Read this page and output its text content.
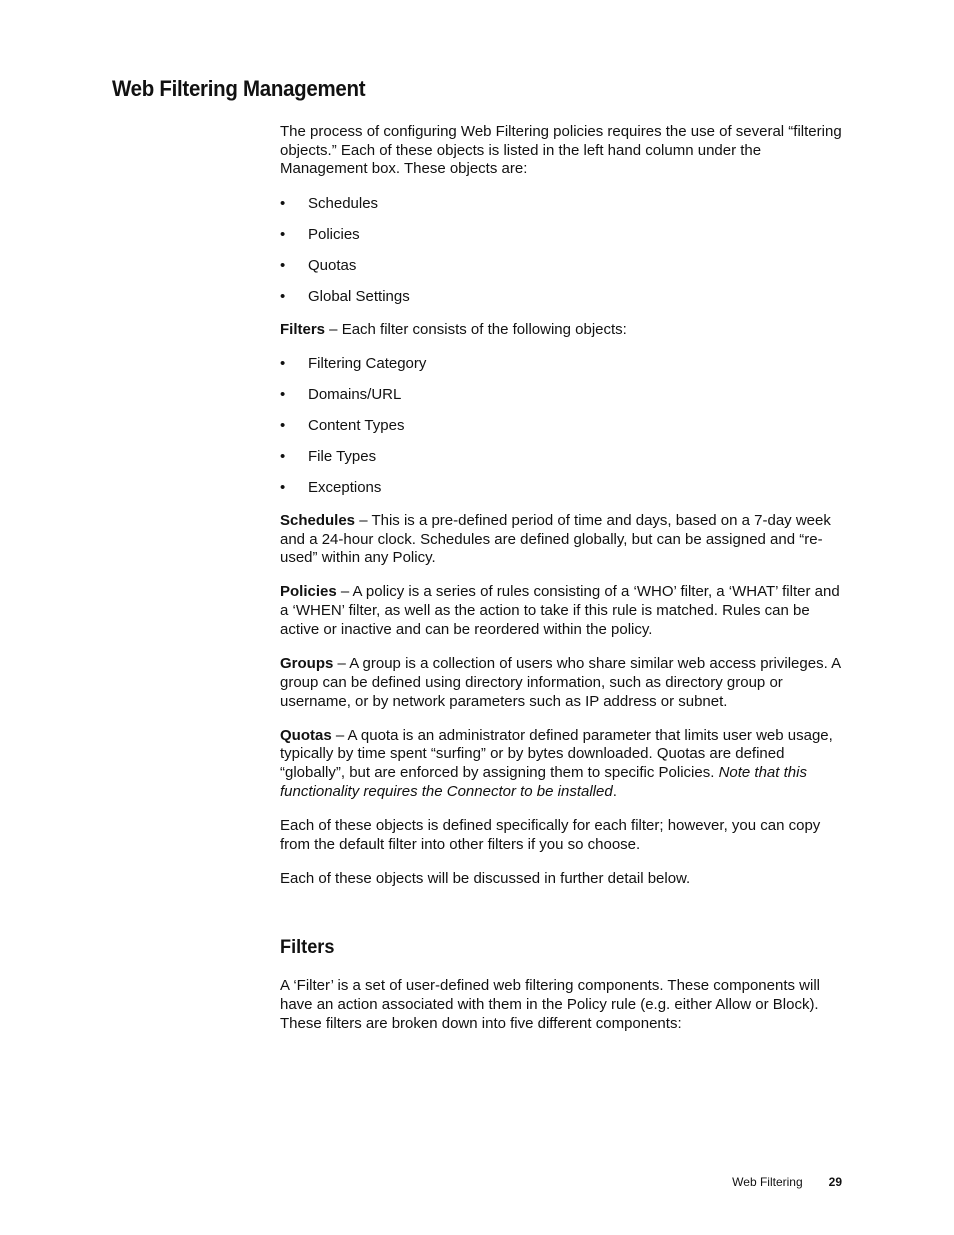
Web Filtering Management

The process of configuring Web Filtering policies requires the use of several “filtering objects.” Each of these objects is listed in the left hand column under the Management box. These objects are:

• Schedules
• Policies
• Quotas
• Global Settings

Filters – Each filter consists of the following objects:

• Filtering Category
• Domains/URL
• Content Types
• File Types
• Exceptions

Schedules – This is a pre-defined period of time and days, based on a 7-day week and a 24-hour clock. Schedules are defined globally, but can be assigned and “re-used” within any Policy.

Policies – A policy is a series of rules consisting of a ‘WHO’ filter, a ‘WHAT’ filter and a ‘WHEN’ filter, as well as the action to take if this rule is matched. Rules can be active or inactive and can be reordered within the policy.

Groups – A group is a collection of users who share similar web access privileges. A group can be defined using directory information, such as directory group or username, or by network parameters such as IP address or subnet.

Quotas – A quota is an administrator defined parameter that limits user web usage, typically by time spent “surfing” or by bytes downloaded. Quotas are defined “globally”, but are enforced by assigning them to specific Policies. Note that this functionality requires the Connector to be installed.

Each of these objects is defined specifically for each filter; however, you can copy from the default filter into other filters if you so choose.

Each of these objects will be discussed in further detail below.

Filters

A ‘Filter’ is a set of user-defined web filtering components. These components will have an action associated with them in the Policy rule (e.g. either Allow or Block). These filters are broken down into five different components:

Web Filtering 29
